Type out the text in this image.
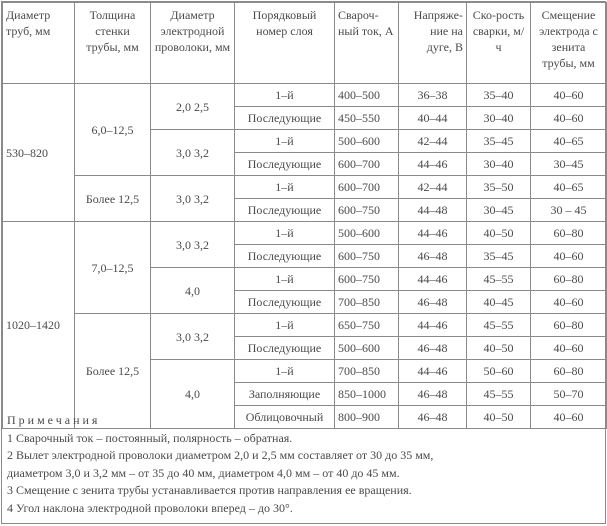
Диаметр труб, мм	Толщина стенки трубы, мм	Диаметр электродной проволоки, мм	Порядковый номер слоя	Свароч-ный ток, А	Напряже-ние на дуге, В	Ско-рость сварки, м/ч	Смещение электрода с зенита трубы, мм
530–820	6,0–12,5	2,0 2,5	1–й	400–500	36–38	35–40	40–60
			Последующие	450–550	40–44	30–40	40–60
		3,0 3,2	1–й	500–600	42–44	35–45	40–65
			Последующие	600–700	44–46	30–40	30–45
	Более 12,5	3,0 3,2	1–й	600–700	42–44	35–50	40–65
			Последующие	600–750	44–48	30–45	30 – 45
1020–1420	7,0–12,5	3,0 3,2	1–й	500–600	44–46	40–50	60–80
			Последующие	600–750	46–48	35–45	40–60
		4,0	1–й	600–750	44–46	45–55	60–80
			Последующие	700–850	46–48	40–45	40–60
	Более 12,5	3,0 3,2	1–й	650–750	44–46	45–55	60–80
			Последующие	500–600	46–48	40–50	40–60
		4,0	1–й	700–850	44–46	50–60	60–80
			Заполняющие	850–1000	46–48	45–55	50–70
			Облицовочный	800–900	46–48	40–50	40–60
Примечания
1 Сварочный ток – постоянный, полярность – обратная.
2 Вылет электродной проволоки диаметром 2,0 и 2,5 мм составляет от 30 до 35 мм,
диаметром 3,0 и 3,2 мм – от 35 до 40 мм, диаметром 4,0 мм – от 40 до 45 мм.
3 Смещение с зенита трубы устанавливается против направления ее вращения.
4 Угол наклона электродной проволоки вперед – до 30°.
